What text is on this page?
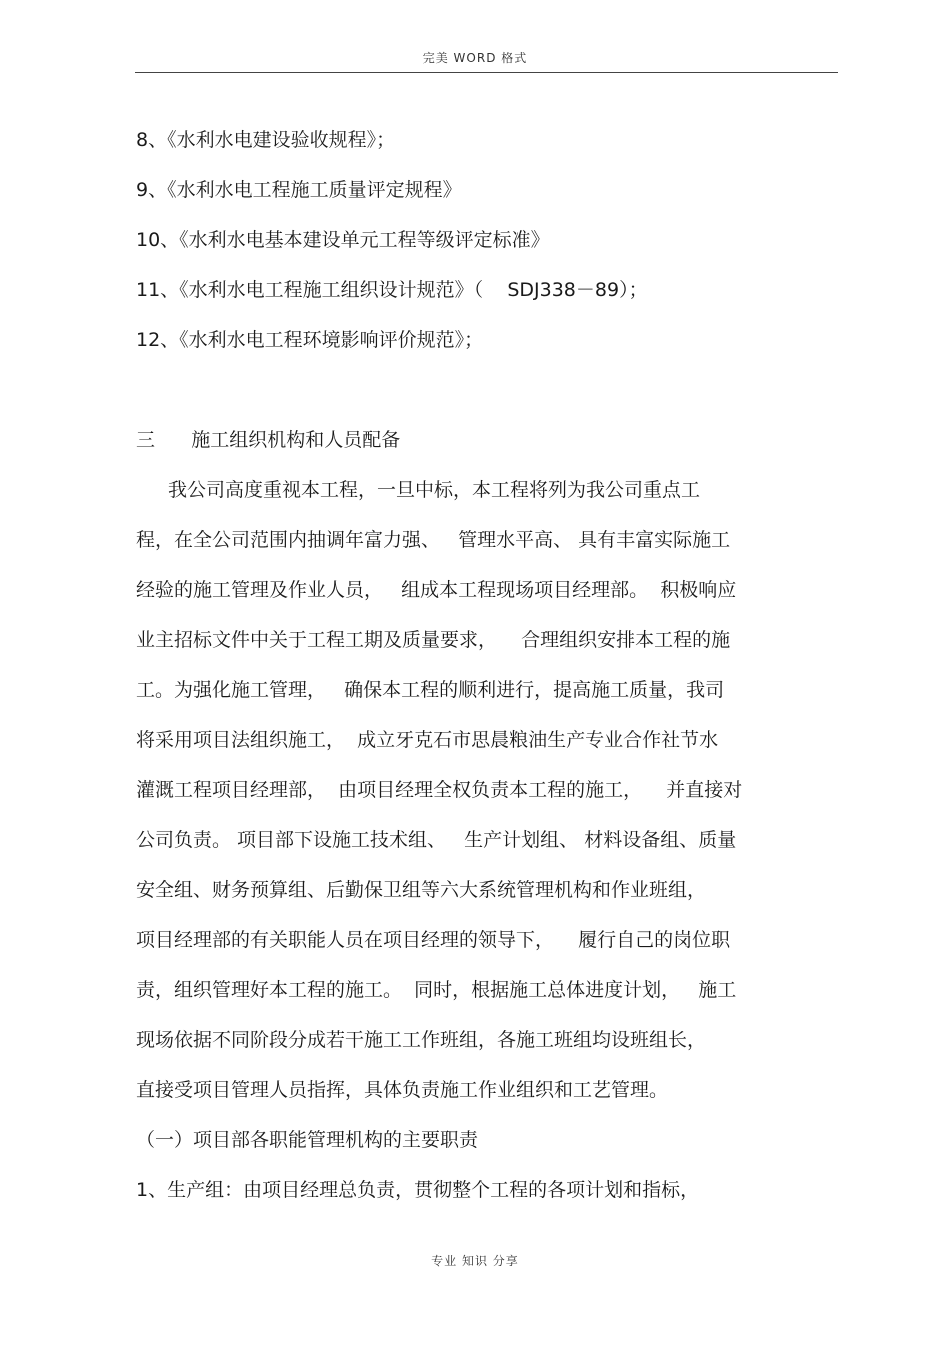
完美 WORD 格式
8、《水利水电建设验收规程》；
9、《水利水电工程施工质量评定规程》
10、《水利水电基本建设单元工程等级评定标准》
11、《水利水电工程施工组织设计规范》（    SDJ338－89）；
12、《水利水电工程环境影响评价规范》；
三      施工组织机构和人员配备
我公司高度重视本工程，一旦中标，本工程将列为我公司重点工
程，在全公司范围内抽调年富力强、   管理水平高、 具有丰富实际施工
经验的施工管理及作业人员，   组成本工程现场项目经理部。  积极响应
业主招标文件中关于工程工期及质量要求，    合理组织安排本工程的施
工。为强化施工管理，   确保本工程的顺利进行，提高施工质量，我司
将采用项目法组织施工，  成立牙克石市思晨粮油生产专业合作社节水
灌溉工程项目经理部，  由项目经理全权负责本工程的施工，    并直接对
公司负责。 项目部下设施工技术组、   生产计划组、 材料设备组、质量
安全组、财务预算组、后勤保卫组等六大系统管理机构和作业班组，
项目经理部的有关职能人员在项目经理的领导下，    履行自己的岗位职
责，组织管理好本工程的施工。  同时，根据施工总体进度计划，   施工
现场依据不同阶段分成若干施工工作班组，各施工班组均设班组长，
直接受项目管理人员指挥，具体负责施工作业组织和工艺管理。
（一）项目部各职能管理机构的主要职责
1、生产组：由项目经理总负责，贯彻整个工程的各项计划和指标，
专业 知识 分享
